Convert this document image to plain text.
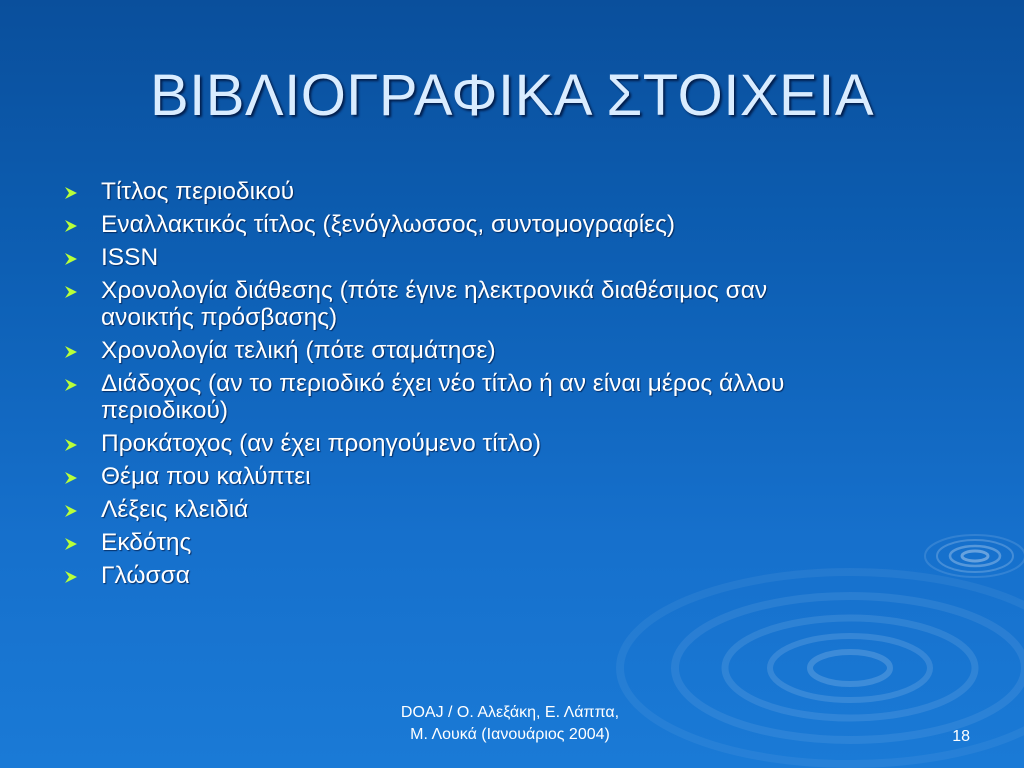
ΒΙΒΛΙΟΓΡΑΦΙΚΑ ΣΤΟΙΧΕΙΑ
Τίτλος περιοδικού
Εναλλακτικός τίτλος (ξενόγλωσσος, συντομογραφίες)
ISSN
Χρονολογία διάθεσης (πότε έγινε ηλεκτρονικά διαθέσιμος σαν
ανοικτής πρόσβασης)
Χρονολογία τελική (πότε σταμάτησε)
Διάδοχος (αν το περιοδικό έχει νέο τίτλο ή αν είναι μέρος άλλου
περιοδικού)
Προκάτοχος (αν έχει προηγούμενο τίτλο)
Θέμα που καλύπτει
Λέξεις κλειδιά
Εκδότης
Γλώσσα
DOAJ / Ο. Αλεξάκη, Ε. Λάππα,
Μ. Λουκά (Ιανουάριος 2004)	18
